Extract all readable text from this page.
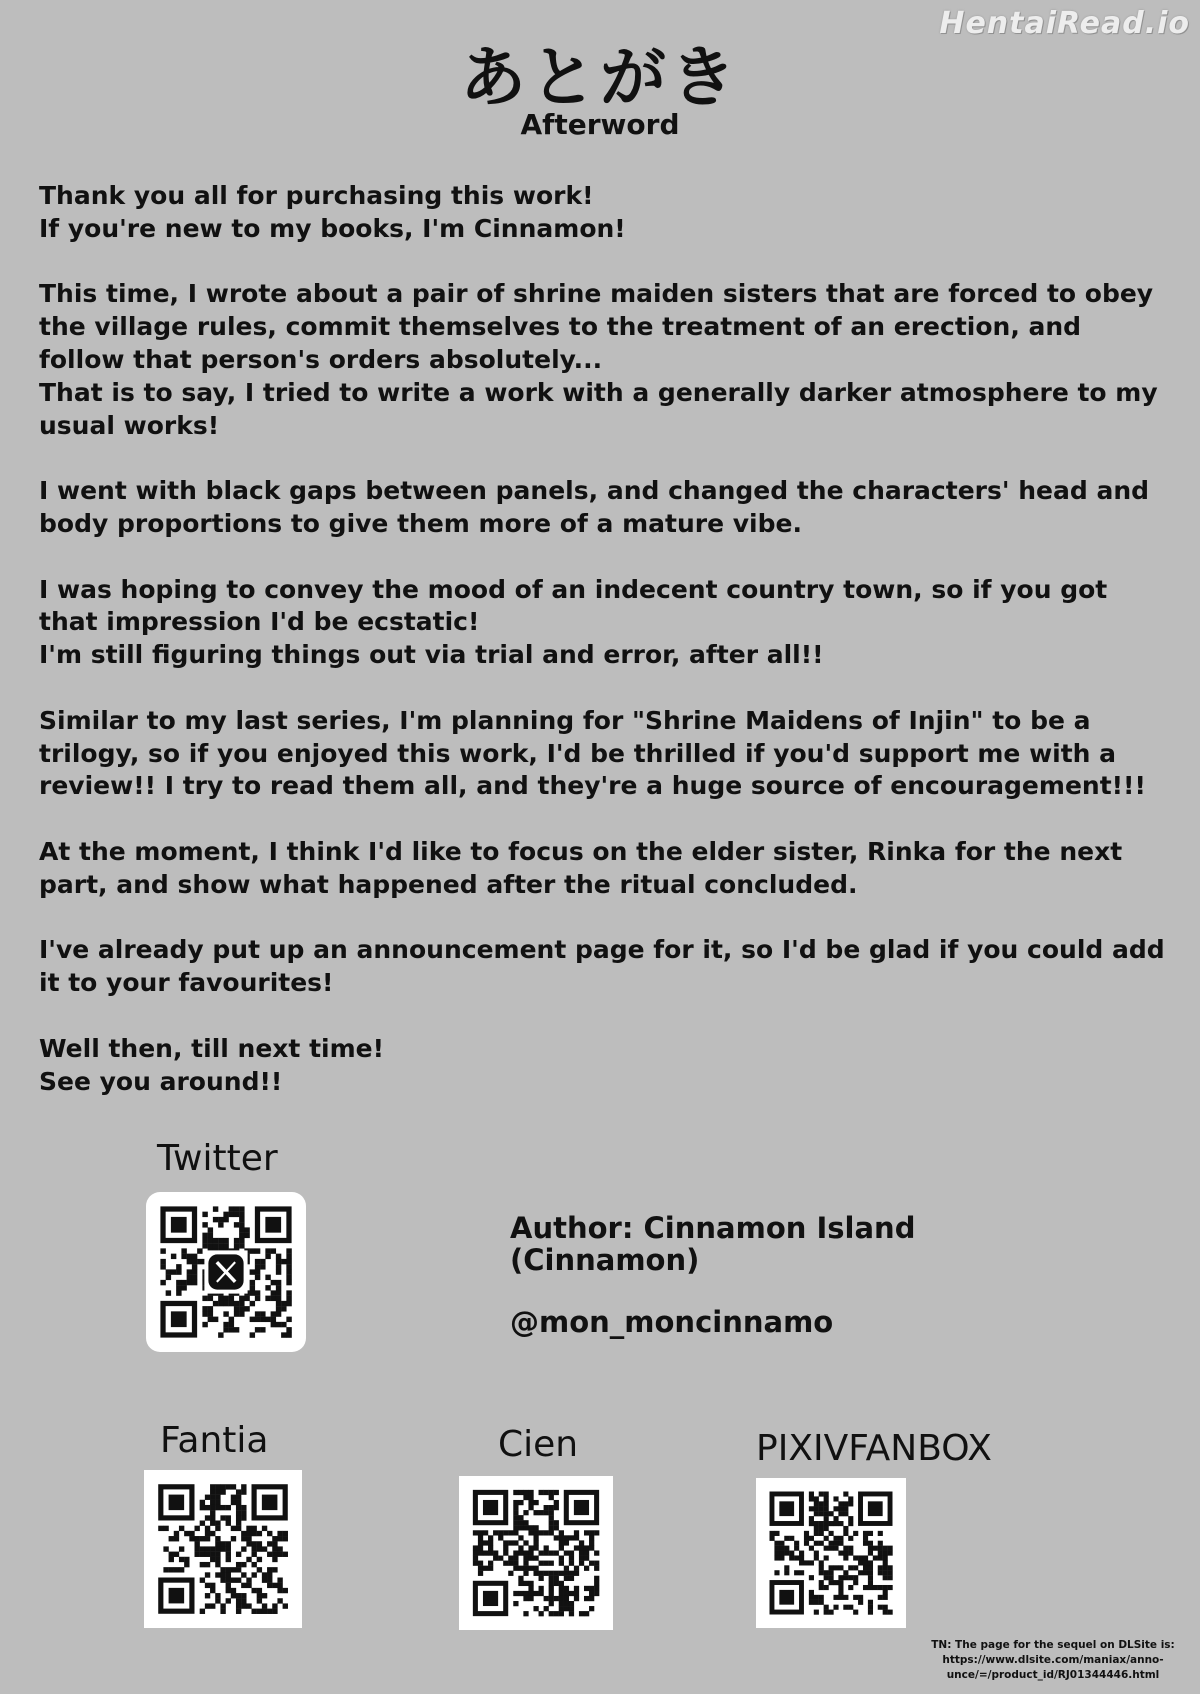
HentaiRead.io
あとがき
Afterword

Thank you all for purchasing this work!
If you're new to my books, I'm Cinnamon!

This time, I wrote about a pair of shrine maiden sisters that are forced to obey
the village rules, commit themselves to the treatment of an erection, and
follow that person's orders absolutely...
That is to say, I tried to write a work with a generally darker atmosphere to my
usual works!

I went with black gaps between panels, and changed the characters' head and
body proportions to give them more of a mature vibe.

I was hoping to convey the mood of an indecent country town, so if you got
that impression I'd be ecstatic!
I'm still figuring things out via trial and error, after all!!

Similar to my last series, I'm planning for "Shrine Maidens of Injin" to be a
trilogy, so if you enjoyed this work, I'd be thrilled if you'd support me with a
review!! I try to read them all, and they're a huge source of encouragement!!!

At the moment, I think I'd like to focus on the elder sister, Rinka for the next
part, and show what happened after the ritual concluded.

I've already put up an announcement page for it, so I'd be glad if you could add
it to your favourites!

Well then, till next time!
See you around!!

Twitter
Author: Cinnamon Island
(Cinnamon)
@mon_moncinnamo
Fantia	Cien	PIXIVFANBOX
TN: The page for the sequel on DLSite is:
https://www.dlsite.com/maniax/anno-
unce/=/product_id/RJ01344446.html
